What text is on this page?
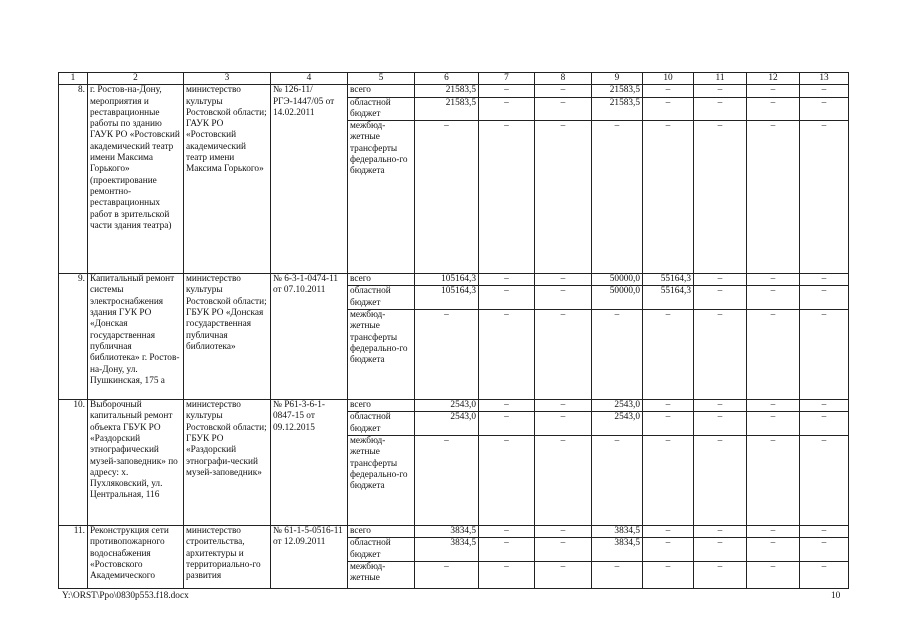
1	2	3	4	5	6	7	8	9	10	11	12	13
8.	г. Ростов-на-Дону, мероприятия и реставрационные работы по зданию ГАУК РО «Ростовский академический театр имени Максима Горького» (проектирование ремонтно-реставрационных работ в зрительской части здания театра)	министерство культуры Ростовской области; ГАУК РО «Ростовский академический театр имени Максима Горького»	№ 126-11/РГЭ-1447/05 от 14.02.2011	всего	21583,5	–	–	21583,5	–	–	–	–
				областной бюджет	21583,5	–	–	21583,5	–	–	–	–
				межбюд-жетные трансферты федерально-го бюджета	–	–	–	–	–	–	–	–
9.	Капитальный ремонт системы электроснабжения здания ГУК РО «Донская государственная публичная библиотека» г. Ростов-на-Дону, ул. Пушкинская, 175 а	министерство культуры Ростовской области; ГБУК РО «Донская государственная публичная библиотека»	№ 6-3-1-0474-11 от 07.10.2011	всего	105164,3	–	–	50000,0	55164,3	–	–	–
				областной бюджет	105164,3	–	–	50000,0	55164,3	–	–	–
				межбюд-жетные трансферты федерально-го бюджета	–	–	–	–	–	–	–	–
10.	Выборочный капитальный ремонт объекта ГБУК РО «Раздорский этнографический музей-заповедник» по адресу: х. Пухляковский, ул. Центральная, 116	министерство культуры Ростовской области; ГБУК РО «Раздорский этнографи-ческий музей-заповедник»	№ Р61-3-6-1-0847-15 от 09.12.2015	всего	2543,0	–	–	2543,0	–	–	–	–
				областной бюджет	2543,0	–	–	2543,0	–	–	–	–
				межбюд-жетные трансферты федерально-го бюджета	–	–	–	–	–	–	–	–
11.	Реконструкция сети противопожарного водоснабжения «Ростовского Академического	министерство строительства, архитектуры и территориально-го развития	№ 61-1-5-0516-11 от 12.09.2011	всего	3834,5	–	–	3834,5	–	–	–	–
				областной бюджет	3834,5	–	–	3834,5	–	–	–	–
				межбюд-жетные	–	–	–	–	–	–	–	–
Y:\ORST\Ppo\0830p553.f18.docx	10
